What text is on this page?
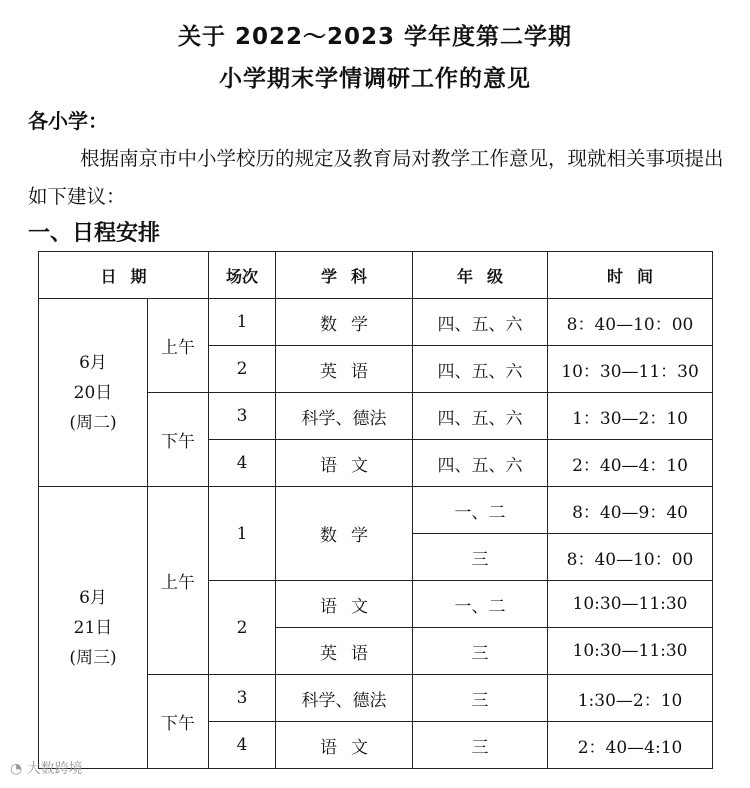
关于 2022～2023 学年度第二学期
小学期末学情调研工作的意见
各小学：
根据南京市中小学校历的规定及教育局对教学工作意见，现就相关事项提出如下建议：
一、日程安排
日期		场次	学科	年级	时间

6月
20日
(周二)	上午	1	数学	四、五、六	8：40—10：00
		2	英语	四、五、六	10：30—11：30
	下午	3	科学、德法	四、五、六	1：30—2：10
		4	语文	四、五、六	2：40—4：10

6月
21日
(周三)	上午	1	数学	一、二	8：40—9：40
				三	8：40—10：00
		2	语文	一、二	10:30—11:30
			英语	三	10:30—11:30
	下午	3	科学、德法	三	1:30—2：10
		4	语文	三	2：40—4:10
◔ 大数跨境
